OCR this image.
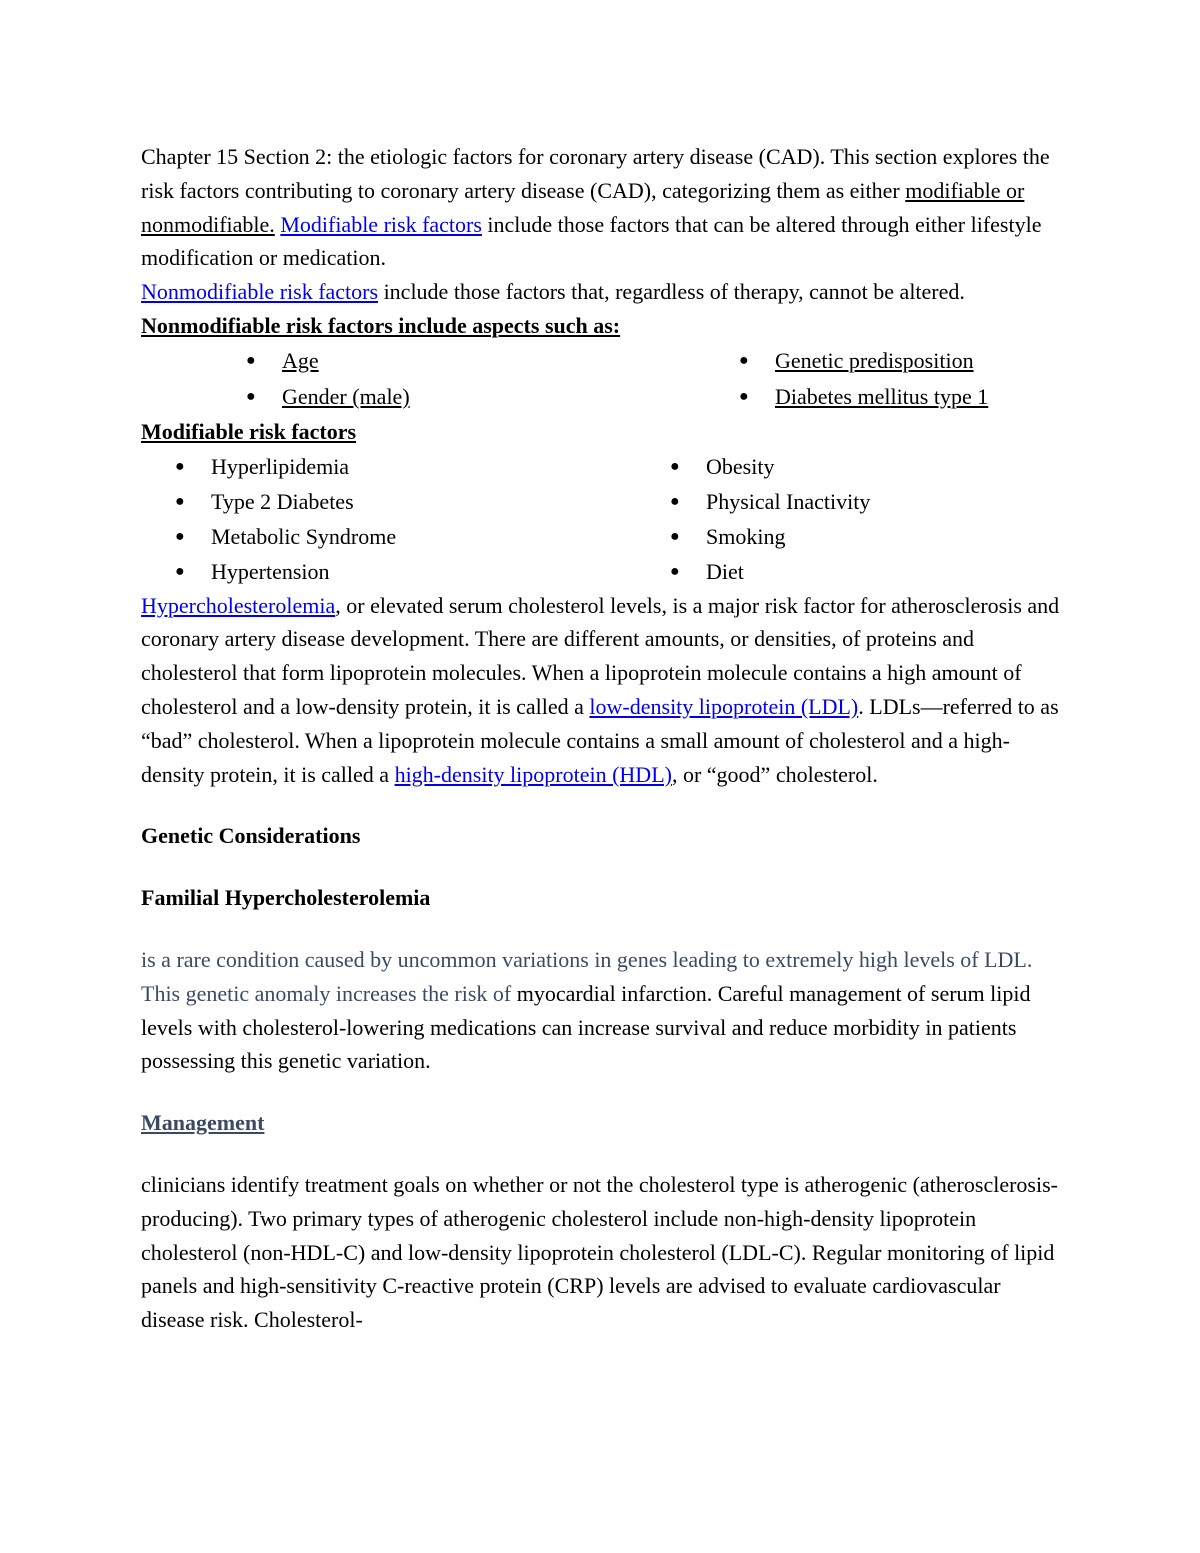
Chapter 15 Section 2: the etiologic factors for coronary artery disease (CAD). This section explores the risk factors contributing to coronary artery disease (CAD), categorizing them as either modifiable or nonmodifiable. Modifiable risk factors include those factors that can be altered through either lifestyle modification or medication.
Nonmodifiable risk factors include those factors that, regardless of therapy, cannot be altered.

Nonmodifiable risk factors include aspects such as:

● Age
● Gender (male)
● Genetic predisposition
● Diabetes mellitus type 1

Modifiable risk factors

● Hyperlipidemia
● Type 2 Diabetes
● Metabolic Syndrome
● Hypertension
● Obesity
● Physical Inactivity
● Smoking
● Diet

Hypercholesterolemia, or elevated serum cholesterol levels, is a major risk factor for atherosclerosis and coronary artery disease development. There are different amounts, or densities, of proteins and cholesterol that form lipoprotein molecules. When a lipoprotein molecule contains a high amount of cholesterol and a low-density protein, it is called a low-density lipoprotein (LDL). LDLs—referred to as “bad” cholesterol. When a lipoprotein molecule contains a small amount of cholesterol and a high-density protein, it is called a high-density lipoprotein (HDL), or “good” cholesterol.

Genetic Considerations

Familial Hypercholesterolemia

is a rare condition caused by uncommon variations in genes leading to extremely high levels of LDL. This genetic anomaly increases the risk of myocardial infarction. Careful management of serum lipid levels with cholesterol-lowering medications can increase survival and reduce morbidity in patients possessing this genetic variation.

Management

clinicians identify treatment goals on whether or not the cholesterol type is atherogenic (atherosclerosis-producing). Two primary types of atherogenic cholesterol include non-high-density lipoprotein cholesterol (non-HDL-C) and low-density lipoprotein cholesterol (LDL-C). Regular monitoring of lipid panels and high-sensitivity C-reactive protein (CRP) levels are advised to evaluate cardiovascular disease risk. Cholesterol-
